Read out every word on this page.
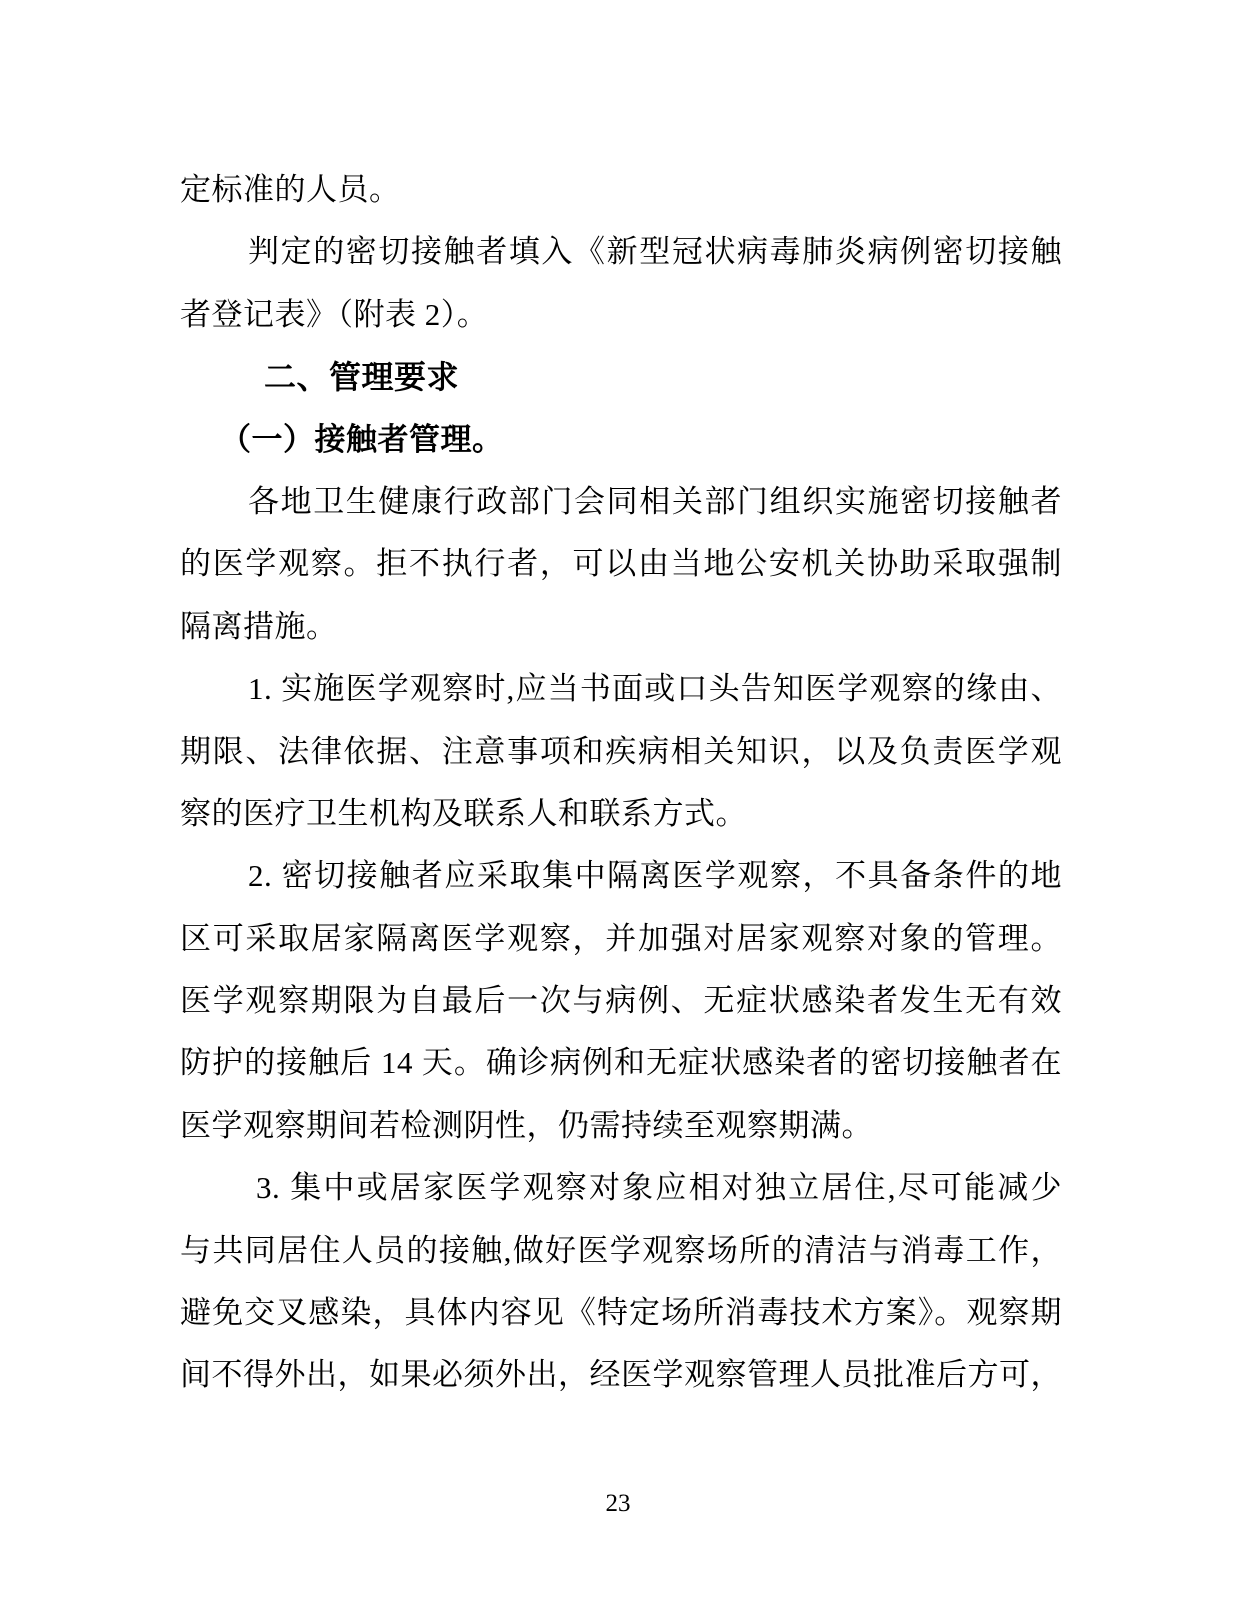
定标准的人员。
判定的密切接触者填入《新型冠状病毒肺炎病例密切接触
者登记表》（附表 2）。
二、管理要求
（一）接触者管理。
各地卫生健康行政部门会同相关部门组织实施密切接触者
的医学观察。拒不执行者，可以由当地公安机关协助采取强制
隔离措施。
1. 实施医学观察时,应当书面或口头告知医学观察的缘由、
期限、法律依据、注意事项和疾病相关知识，以及负责医学观
察的医疗卫生机构及联系人和联系方式。
2. 密切接触者应采取集中隔离医学观察，不具备条件的地
区可采取居家隔离医学观察，并加强对居家观察对象的管理。
医学观察期限为自最后一次与病例、无症状感染者发生无有效
防护的接触后 14 天。确诊病例和无症状感染者的密切接触者在
医学观察期间若检测阴性，仍需持续至观察期满。
3. 集中或居家医学观察对象应相对独立居住,尽可能减少
与共同居住人员的接触,做好医学观察场所的清洁与消毒工作，
避免交叉感染，具体内容见《特定场所消毒技术方案》。观察期
间不得外出，如果必须外出，经医学观察管理人员批准后方可，
23
